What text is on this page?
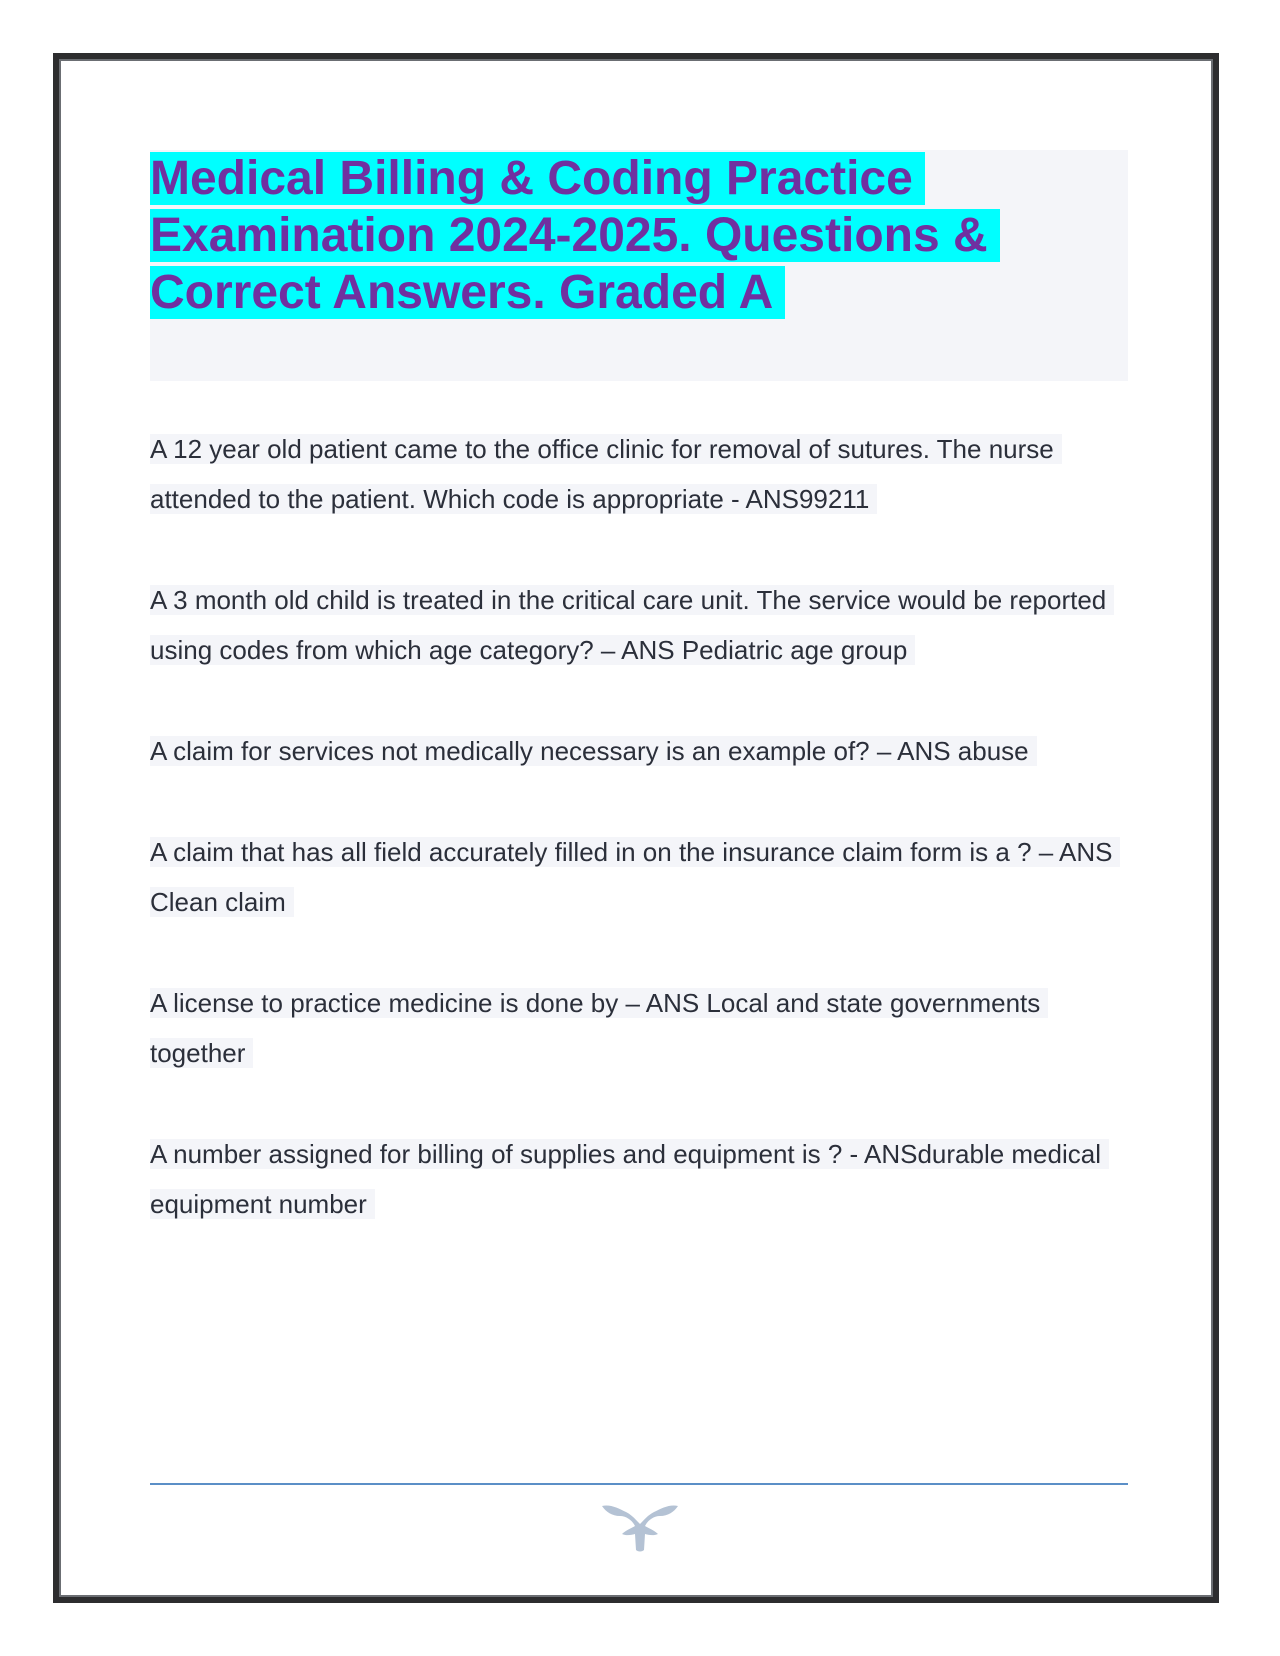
Medical Billing & Coding Practice Examination 2024-2025. Questions & Correct Answers. Graded A

A 12 year old patient came to the office clinic for removal of sutures. The nurse attended to the patient. Which code is appropriate - ANS99211

A 3 month old child is treated in the critical care unit. The service would be reported using codes from which age category? – ANS Pediatric age group

A claim for services not medically necessary is an example of? – ANS abuse

A claim that has all field accurately filled in on the insurance claim form is a ? – ANS Clean claim

A license to practice medicine is done by – ANS Local and state governments together

A number assigned for billing of supplies and equipment is ? - ANSdurable medical equipment number
